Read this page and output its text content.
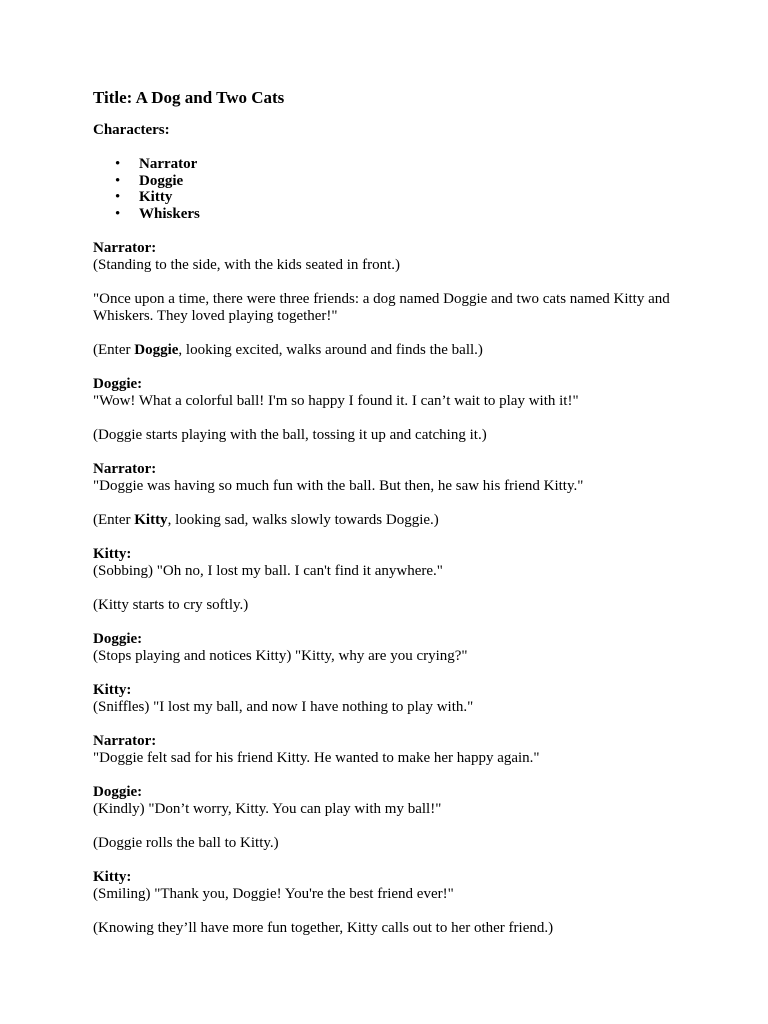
Title: A Dog and Two Cats
Characters:
• Narrator
• Doggie
• Kitty
• Whiskers

Narrator:

(Standing to the side, with the kids seated in front.)

"Once upon a time, there were three friends: a dog named Doggie and two cats named Kitty and Whiskers. They loved playing together!"

(Enter Doggie, looking excited, walks around and finds the ball.)

Doggie:

"Wow! What a colorful ball! I'm so happy I found it. I can’t wait to play with it!"

(Doggie starts playing with the ball, tossing it up and catching it.)

Narrator:

"Doggie was having so much fun with the ball. But then, he saw his friend Kitty."

(Enter Kitty, looking sad, walks slowly towards Doggie.)

Kitty:

(Sobbing) "Oh no, I lost my ball. I can't find it anywhere."

(Kitty starts to cry softly.)

Doggie:

(Stops playing and notices Kitty) "Kitty, why are you crying?"

Kitty:

(Sniffles) "I lost my ball, and now I have nothing to play with."

Narrator:

"Doggie felt sad for his friend Kitty. He wanted to make her happy again."

Doggie:

(Kindly) "Don’t worry, Kitty. You can play with my ball!"

(Doggie rolls the ball to Kitty.)

Kitty:

(Smiling) "Thank you, Doggie! You're the best friend ever!"

(Knowing they’ll have more fun together, Kitty calls out to her other friend.)
